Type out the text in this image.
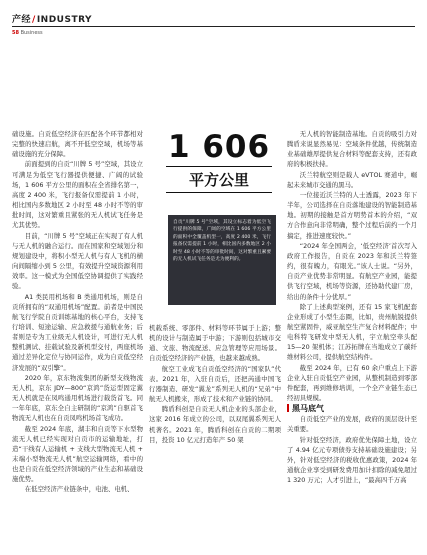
产经/INDUSTRY
58 Business

础设施。自贡低空经济在匹配各个环节都相对完整的快速启航，离不开低空空域，机场等基础设施的充分保障。

前面提到的自贡“川牌 5 号”空域，其设立可满足为低空飞行器提供便捷、广阔的试验场，1 606 平方公里的面积在全省排名第一，高度 2 400 米，飞行报备仅需提前 1 小时，相比国内多数地区 2 小时至 48 小时不等的审批时间，这对繁重且紧张的无人机试飞任务是尤其优势。

目前，“川牌 5 号”空域正在实现了有人机与无人机的融合运行。而在国家和空域划分和规划建设中，将积小型无人机与有人飞机的横向间隔缩小到 5 公里，有效提升空域资源利用效率。这一模式为全国低空协调提供了实践经验。

A1 类民用机场和 B 类通用机场，则是自贡所拥有的“双通用机场”配置。前者是中国民航飞行学院自贡训练基地的核心平台，支持飞行培训、短途运输、应急救援与通航业务；后者则是专为工业级无人机设计，可进行无人机整机测试、挂载试验及新机型交付，两座机场通过差异化定位与协同运作，成为自贡低空经济发展的“双引擎”。

2020 年，京东物流集团的新型支线物流无人机，京东 JDY—800“京鸿”货运型固定翼无人机就是在凤鸣通用机场进行载货首飞。同一年年底，京东全自主研制的“京鸿”自驱首飞物流无人机也在自贡凤鸣机场首飞成功。

截至 2024 年底，湖丰和自贡等下水型物流无人机已经实现对自贡市的运输地址，打造“干线有人运输机 + 支线大型物流无人机 + 末端小型物流无人机”航空运输网络，看中的也是自贡在低空经济领域的产业生态和基础设施优势。

在低空经济产业链条中，电池、电机、

1 606
平方公里
自贡“川牌 5 号”空域，其设立标志着为低空飞行提供的保障，广阔的空域在 1 606 平方公里的面积中全覆盖机型一，高度 2 400 米，飞行报备仅需提前 1 小时，相比国内多数地区 2 小时至 48 小时不等的审批时间，这对繁重且紧要的无人机试飞任务是尤为便利的。

机载系统、零部件、材料等环节属于上游；整机的设计与制造属于中游；下游则包括城市交通、文旅、物流配送、应急管理等应用场景。自贡低空经济的产业链，也越来越成熟。

航空工业成飞自贡低空经济的“国家队”代表。2021 年，入驻自贡后，还把芮通中国飞行器制造、研发“翼龙”系列无人机的“兄弟”中航无人机搬来，形成了技术和产业链的协同。

腾盾科创是自贡无人机企业的头部企业，这家 2016 年成立的公司，以双尾翼系列无人机著名。2021 年，腾盾科创在自贡的二期项目，投资 10 亿元打造年产 50 架

无人机的智能制造基地。自贡的吸引力对腾盾来说显然易见：空域条件优越，传统制造业基础雄厚提供复合材料等配套支持，还有政府的积极扶持。

沃兰特航空则是载人 eVTOL 赛道中，崛起未来城市交通的黑马。

一位接近沃兰特的人士透露，2023 年下半年，公司选择在自贡落地建设的智能制造基地。初期的接触是首方明势首本的介绍，“双方合作意向非常明确，整个过程后前约一个月搞定，推进速度较快。”

“2024 年全国两会，‘低空经济’首次写入政府工作报告，自贡在 2023 年和沃兰特签约，很有魄力，有眼光。”该人士说。“另外，自贡产业优势非常明显。有航空产业园，能提供飞行空域，机场等资源，还协助代建厂房，给出的条件十分优厚。”

除了上述典型案例，还有 15 家飞机配套企业形成了小型生态圈，比如，贵州航锐提供航空紧固件，威亚航空生产复合材料配件；中电科特飞研发中型无人机，宇立航空牵头配 15—20 架机体；江苏拓牌在当地成立了碳纤维材料公司，提供航空结构件。

截至 2024 年，已有 60 余户重点上下游企业入驻自贡低空产业园，从整机制造到零部件配套，再到维修培训，一个全产业链生态已经初具规模。

黑马底气

自贡低空产业的发展，政府的顶层设计至关重要。

针对低空经济，政府优先保障土地，设立了 4.94 亿元专项债券支持基础设施建设；另外，针对低空经济的税收优惠政策，2024 年通航企业享受到研发费用加计扣除的减免超过 1 320 万元；人才引进上，“最高四千万高
